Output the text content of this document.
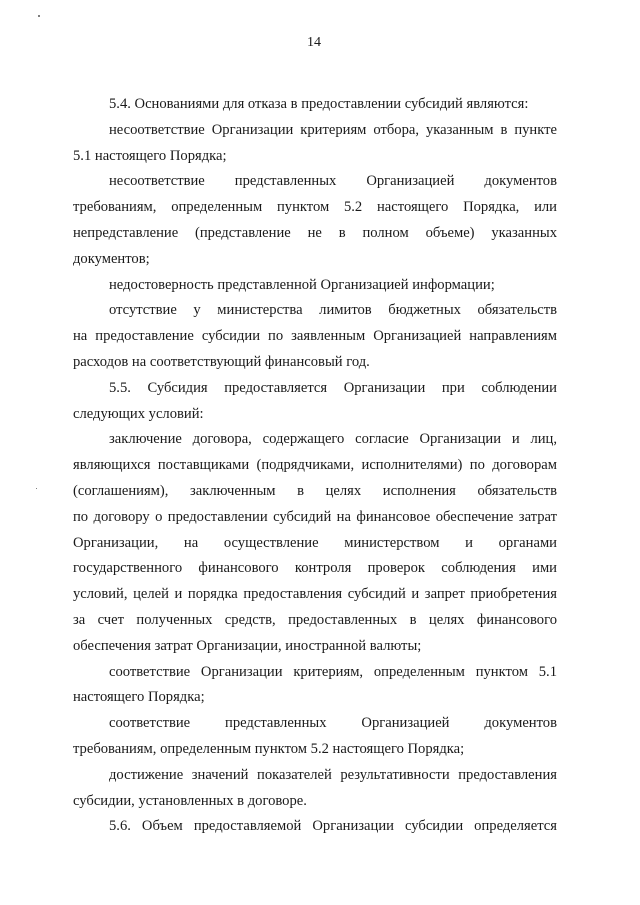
14
5.4. Основаниями для отказа в предоставлении субсидий являются:
несоответствие Организации критериям отбора, указанным в пункте
5.1 настоящего Порядка;
несоответствие представленных Организацией документов
требованиям, определенным пунктом 5.2 настоящего Порядка, или
непредставление (представление не в полном объеме) указанных
документов;
недостоверность представленной Организацией информации;
отсутствие у министерства лимитов бюджетных обязательств
на предоставление субсидии по заявленным Организацией направлениям
расходов на соответствующий финансовый год.
5.5. Субсидия предоставляется Организации при соблюдении
следующих условий:
заключение договора, содержащего согласие Организации и лиц,
являющихся поставщиками (подрядчиками, исполнителями) по договорам
(соглашениям), заключенным в целях исполнения обязательств
по договору о предоставлении субсидий на финансовое обеспечение затрат
Организации, на осуществление министерством и органами
государственного финансового контроля проверок соблюдения ими
условий, целей и порядка предоставления субсидий и запрет приобретения
за счет полученных средств, предоставленных в целях финансового
обеспечения затрат Организации, иностранной валюты;
соответствие Организации критериям, определенным пунктом 5.1
настоящего Порядка;
соответствие представленных Организацией документов
требованиям, определенным пунктом 5.2 настоящего Порядка;
достижение значений показателей результативности предоставления
субсидии, установленных в договоре.
5.6. Объем предоставляемой Организации субсидии определяется
